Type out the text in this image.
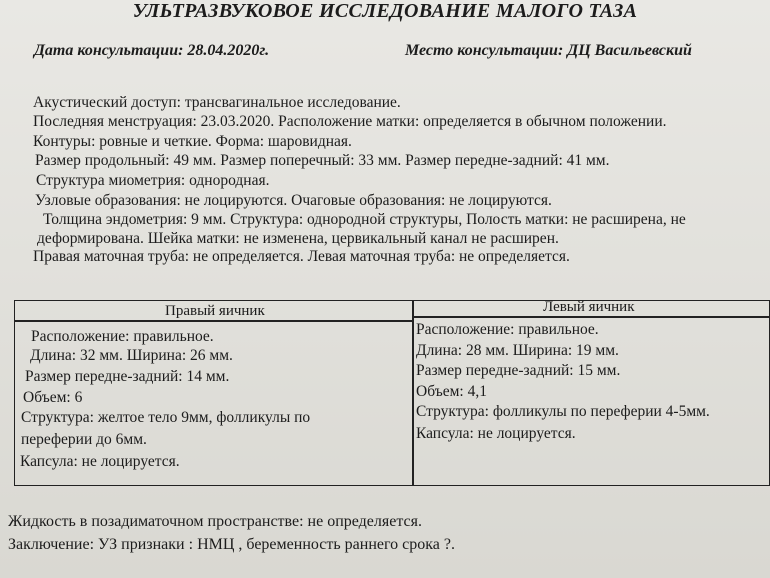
УЛЬТРАЗВУКОВОЕ ИССЛЕДОВАНИЕ МАЛОГО ТАЗА
Дата консультации: 28.04.2020г.	Место консультации: ДЦ Васильевский
Акустический доступ: трансвагинальное исследование.
Последняя менструация: 23.03.2020. Расположение матки: определяется в обычном положении.
Контуры: ровные и четкие. Форма: шаровидная.
Размер продольный: 49 мм. Размер поперечный: 33 мм. Размер передне-задний: 41 мм.
Структура миометрия: однородная.
Узловые образования: не лоцируются. Очаговые образования: не лоцируются.
Толщина эндометрия: 9 мм. Структура: однородной структуры, Полость матки: не расширена, не
деформирована. Шейка матки: не изменена, цервикальный канал не расширен.
Правая маточная труба: не определяется. Левая маточная труба: не определяется.
Правый яичник	Левый яичник
Расположение: правильное.
Длина: 32 мм. Ширина: 26 мм.
Размер передне-задний: 14 мм.
Объем: 6
Структура: желтое тело 9мм, фолликулы по
переферии до 6мм.
Капсула: не лоцируется.
Расположение: правильное.
Длина: 28 мм. Ширина: 19 мм.
Размер передне-задний: 15 мм.
Объем: 4,1
Структура: фолликулы по переферии 4-5мм.
Капсула: не лоцируется.
Жидкость в позадиматочном пространстве: не определяется.
Заключение: УЗ признаки : НМЦ , беременность раннего срока ?.
